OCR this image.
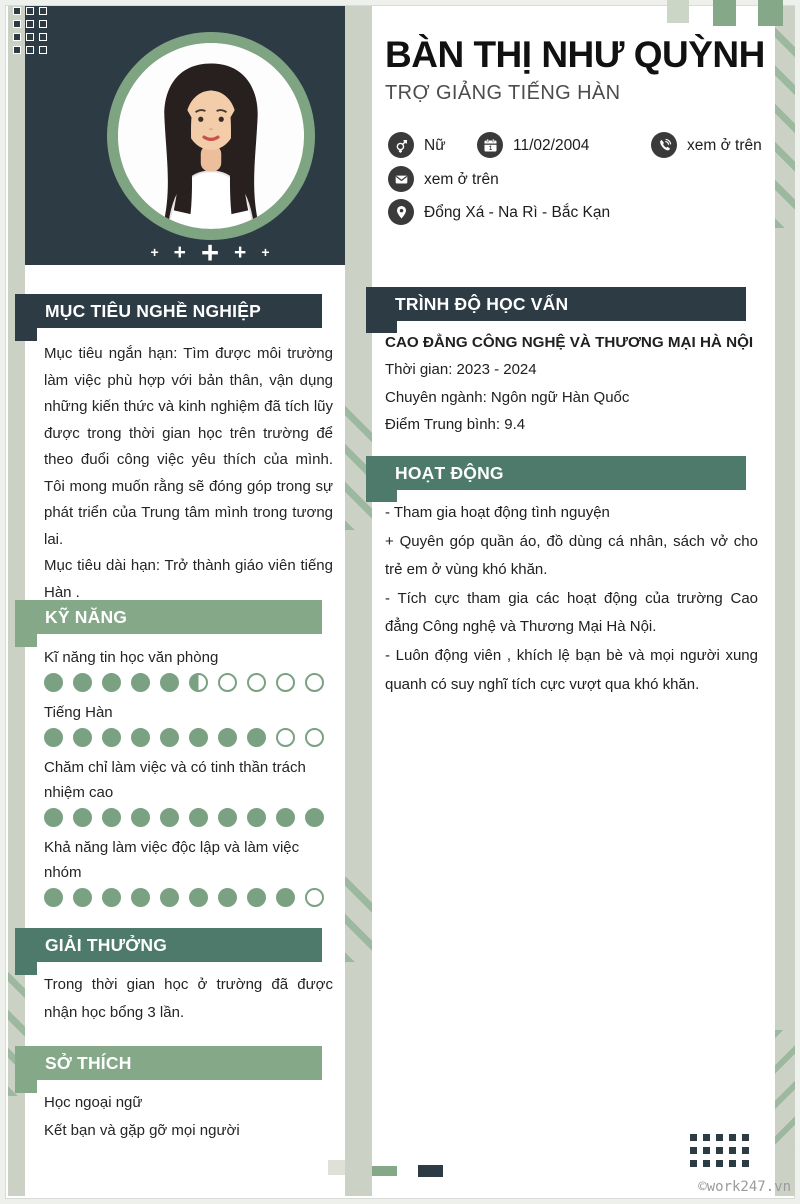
+ + + + +
BÀN THỊ NHƯ QUỲNH
TRỢ GIẢNG TIẾNG HÀN
Nữ	1 11/02/2004	xem ở trên
xem ở trên
Đổng Xá - Na Rì - Bắc Kạn
MỤC TIÊU NGHỀ NGHIỆP
Mục tiêu ngắn hạn: Tìm được môi trường làm việc phù hợp với bản thân, vận dụng những kiến thức và kinh nghiệm đã tích lũy được trong thời gian học trên trường để theo đuổi công việc yêu thích của mình. Tôi mong muốn rằng sẽ đóng góp trong sự phát triển của Trung tâm mình trong tương lai.
Mục tiêu dài hạn: Trở thành giáo viên tiếng Hàn .
KỸ NĂNG
Kĩ năng tin học văn phòng
Tiếng Hàn
Chăm chỉ làm việc và có tinh thần trách nhiệm cao
Khả năng làm việc độc lập và làm việc nhóm
GIẢI THƯỞNG
Trong thời gian học ở trường đã được nhận học bổng 3 lần.
SỞ THÍCH
Học ngoại ngữ
Kết bạn và gặp gỡ mọi người
TRÌNH ĐỘ HỌC VẤN
CAO ĐẲNG CÔNG NGHỆ VÀ THƯƠNG MẠI HÀ NỘI
Thời gian: 2023 - 2024
Chuyên ngành: Ngôn ngữ Hàn Quốc
Điểm Trung bình: 9.4
HOẠT ĐỘNG
- Tham gia hoạt động tình nguyện
+ Quyên góp quần áo, đồ dùng cá nhân, sách vở cho trẻ em ở vùng khó khăn.
- Tích cực tham gia các hoạt động của trường Cao đẳng Công nghệ và Thương Mại Hà Nội.
- Luôn động viên , khích lệ bạn bè và mọi người xung quanh có suy nghĩ tích cực vượt qua khó khăn.
©work247.vn
